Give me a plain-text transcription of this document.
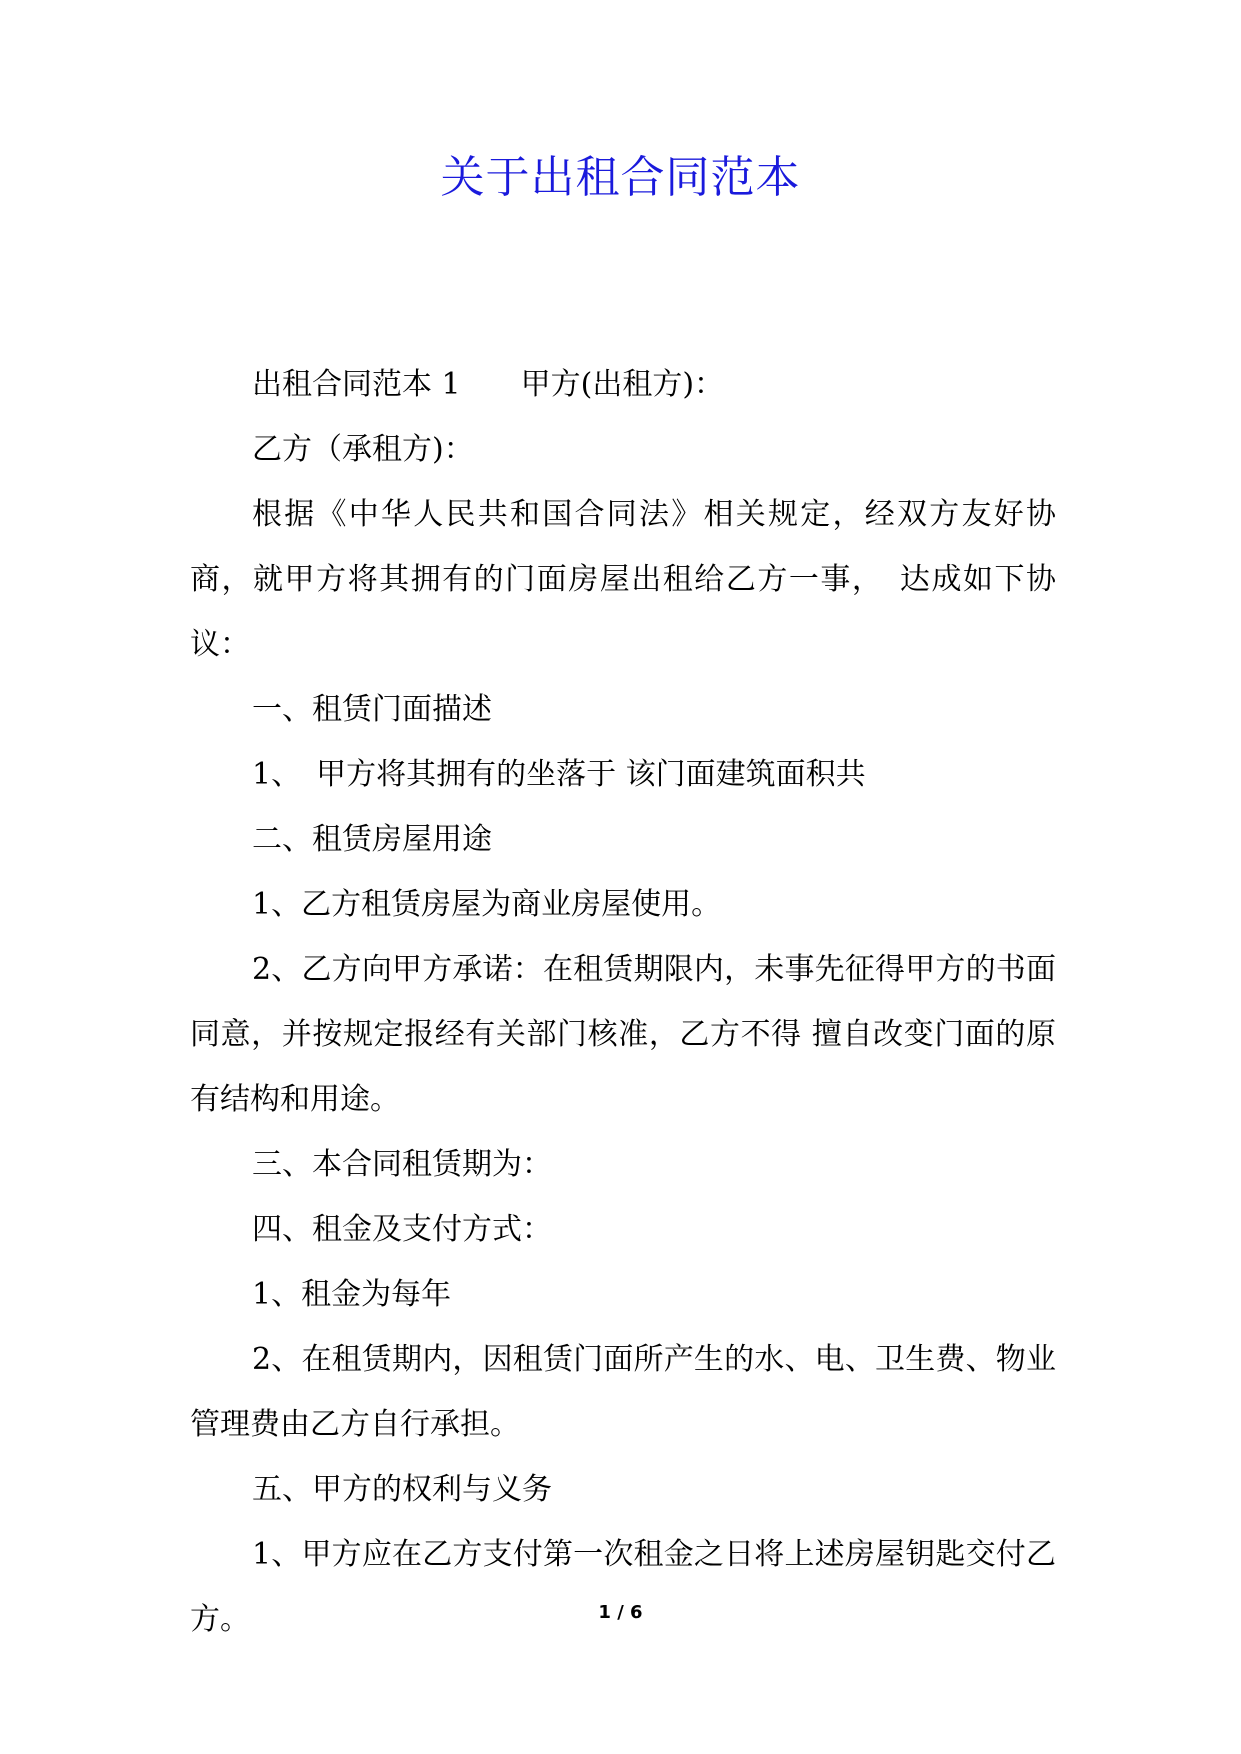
关于出租合同范本

出租合同范本 1　　甲方(出租方)：

乙方（承租方)：

根据《中华人民共和国合同法》相关规定，经双方友好协商，就甲方将其拥有的门面房屋出租给乙方一事，　达成如下协议：

一、租赁门面描述

1、　甲方将其拥有的坐落于 该门面建筑面积共

二、租赁房屋用途

1、乙方租赁房屋为商业房屋使用。

2、乙方向甲方承诺：在租赁期限内，未事先征得甲方的书面同意，并按规定报经有关部门核准，乙方不得 擅自改变门面的原有结构和用途。

三、本合同租赁期为：

四、租金及支付方式：

1、租金为每年

2、在租赁期内，因租赁门面所产生的水、电、卫生费、物业管理费由乙方自行承担。

五、甲方的权利与义务

1、甲方应在乙方支付第一次租金之日将上述房屋钥匙交付乙方。	1 / 6
